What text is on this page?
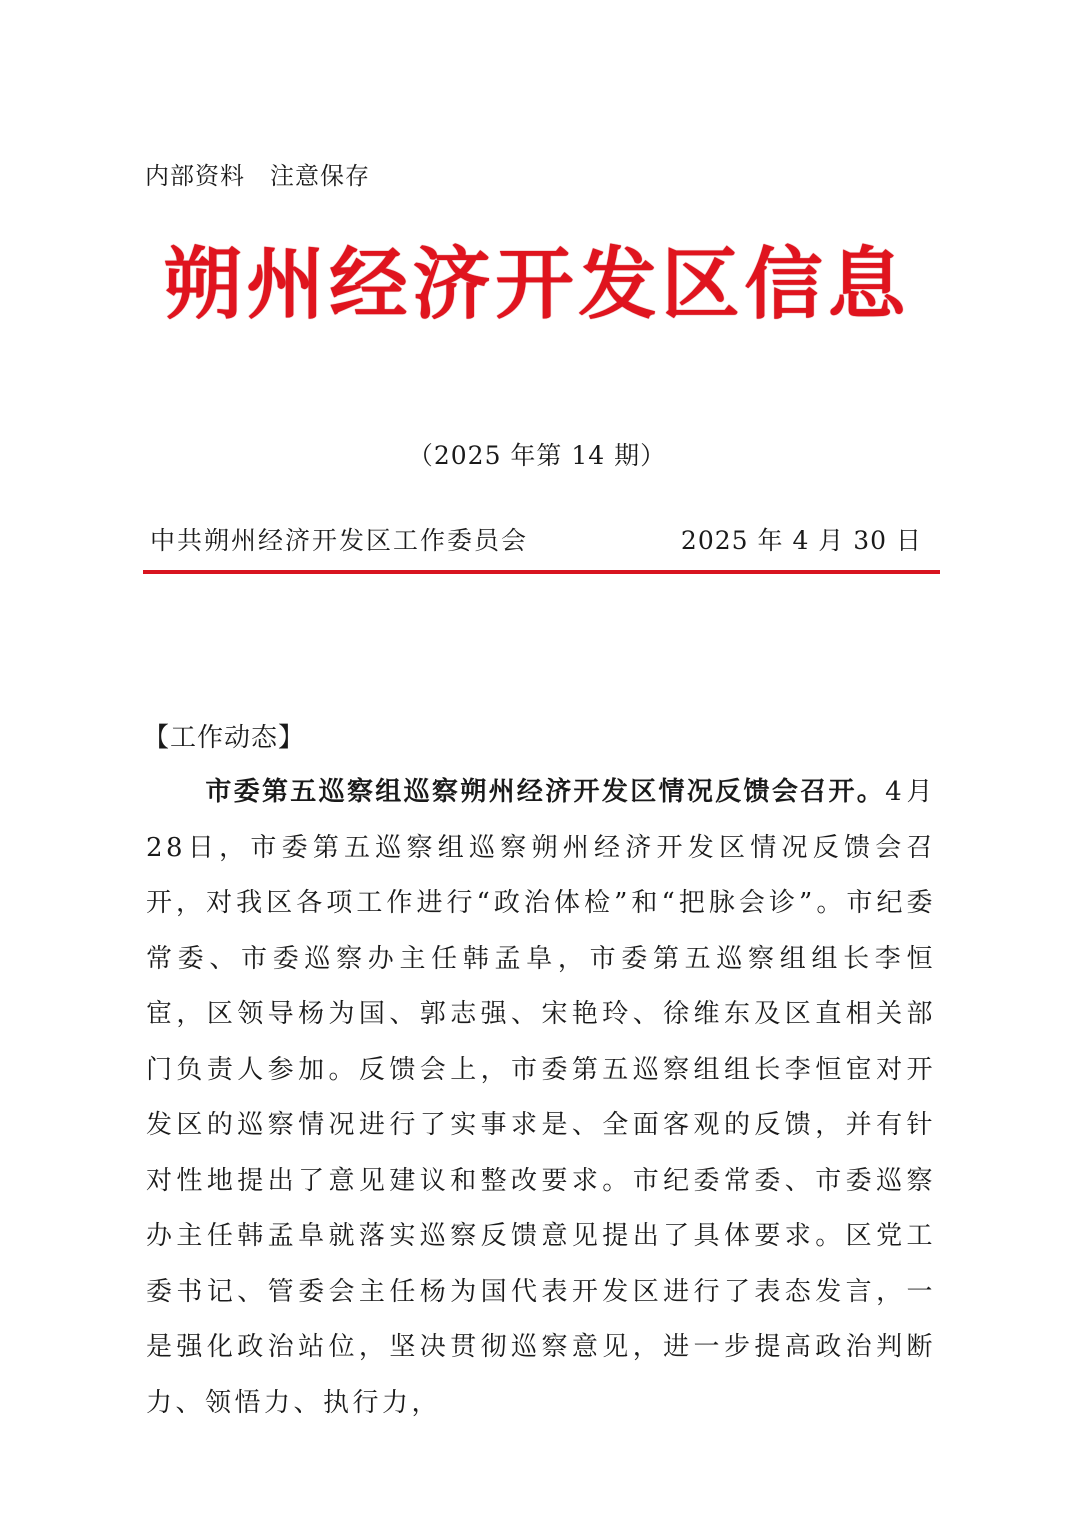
内部资料　注意保存
朔州经济开发区信息
（2025 年第 14 期）
中共朔州经济开发区工作委员会	2025 年 4 月 30 日
【工作动态】

市委第五巡察组巡察朔州经济开发区情况反馈会召开。4月28日，市委第五巡察组巡察朔州经济开发区情况反馈会召开，对我区各项工作进行“政治体检”和“把脉会诊”。市纪委常委、市委巡察办主任韩孟阜，市委第五巡察组组长李恒宦，区领导杨为国、郭志强、宋艳玲、徐维东及区直相关部门负责人参加。反馈会上，市委第五巡察组组长李恒宦对开发区的巡察情况进行了实事求是、全面客观的反馈，并有针对性地提出了意见建议和整改要求。市纪委常委、市委巡察办主任韩孟阜就落实巡察反馈意见提出了具体要求。区党工委书记、管委会主任杨为国代表开发区进行了表态发言，一是强化政治站位，坚决贯彻巡察意见，进一步提高政治判断力、领悟力、执行力，
